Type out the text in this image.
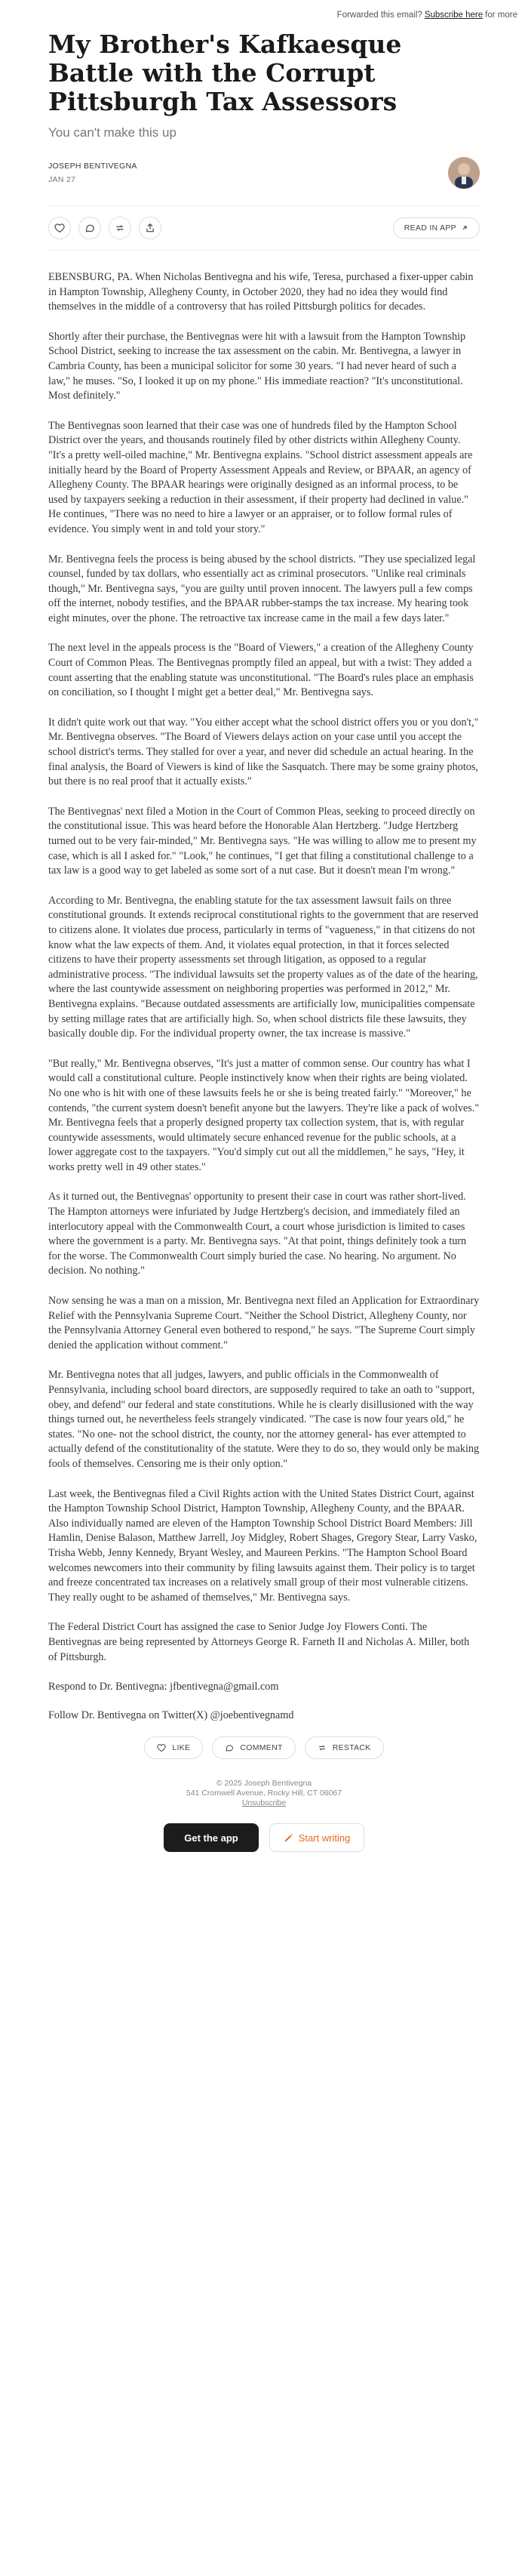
Forwarded this email? Subscribe here for more
My Brother's Kafkaesque Battle with the Corrupt Pittsburgh Tax Assessors
You can't make this up
JOSEPH BENTIVEGNA
JAN 27
READ IN APP

EBENSBURG, PA. When Nicholas Bentivegna and his wife, Teresa, purchased a fixer-upper cabin in Hampton Township, Allegheny County, in October 2020, they had no idea they would find themselves in the middle of a controversy that has roiled Pittsburgh politics for decades.

Shortly after their purchase, the Bentivegnas were hit with a lawsuit from the Hampton Township School District, seeking to increase the tax assessment on the cabin. Mr. Bentivegna, a lawyer in Cambria County, has been a municipal solicitor for some 30 years. "I had never heard of such a law," he muses. "So, I looked it up on my phone." His immediate reaction? "It's unconstitutional. Most definitely."

The Bentivegnas soon learned that their case was one of hundreds filed by the Hampton School District over the years, and thousands routinely filed by other districts within Allegheny County. "It's a pretty well-oiled machine," Mr. Bentivegna explains. "School district assessment appeals are initially heard by the Board of Property Assessment Appeals and Review, or BPAAR, an agency of Allegheny County. The BPAAR hearings were originally designed as an informal process, to be used by taxpayers seeking a reduction in their assessment, if their property had declined in value." He continues, "There was no need to hire a lawyer or an appraiser, or to follow formal rules of evidence. You simply went in and told your story."

Mr. Bentivegna feels the process is being abused by the school districts. "They use specialized legal counsel, funded by tax dollars, who essentially act as criminal prosecutors. "Unlike real criminals though," Mr. Bentivegna says, "you are guilty until proven innocent. The lawyers pull a few comps off the internet, nobody testifies, and the BPAAR rubber-stamps the tax increase. My hearing took eight minutes, over the phone. The retroactive tax increase came in the mail a few days later."

The next level in the appeals process is the "Board of Viewers," a creation of the Allegheny County Court of Common Pleas. The Bentivegnas promptly filed an appeal, but with a twist: They added a count asserting that the enabling statute was unconstitutional. "The Board's rules place an emphasis on conciliation, so I thought I might get a better deal," Mr. Bentivegna says.

It didn't quite work out that way. "You either accept what the school district offers you or you don't," Mr. Bentivegna observes. "The Board of Viewers delays action on your case until you accept the school district's terms. They stalled for over a year, and never did schedule an actual hearing. In the final analysis, the Board of Viewers is kind of like the Sasquatch. There may be some grainy photos, but there is no real proof that it actually exists."

The Bentivegnas' next filed a Motion in the Court of Common Pleas, seeking to proceed directly on the constitutional issue. This was heard before the Honorable Alan Hertzberg. "Judge Hertzberg turned out to be very fair-minded," Mr. Bentivegna says. "He was willing to allow me to present my case, which is all I asked for." "Look," he continues, "I get that filing a constitutional challenge to a tax law is a good way to get labeled as some sort of a nut case. But it doesn't mean I'm wrong."

According to Mr. Bentivegna, the enabling statute for the tax assessment lawsuit fails on three constitutional grounds. It extends reciprocal constitutional rights to the government that are reserved to citizens alone. It violates due process, particularly in terms of "vagueness," in that citizens do not know what the law expects of them. And, it violates equal protection, in that it forces selected citizens to have their property assessments set through litigation, as opposed to a regular administrative process. "The individual lawsuits set the property values as of the date of the hearing, where the last countywide assessment on neighboring properties was performed in 2012," Mr. Bentivegna explains. "Because outdated assessments are artificially low, municipalities compensate by setting millage rates that are artificially high. So, when school districts file these lawsuits, they basically double dip. For the individual property owner, the tax increase is massive."

"But really," Mr. Bentivegna observes, "It's just a matter of common sense. Our country has what I would call a constitutional culture. People instinctively know when their rights are being violated. No one who is hit with one of these lawsuits feels he or she is being treated fairly." "Moreover," he contends, "the current system doesn't benefit anyone but the lawyers. They're like a pack of wolves." Mr. Bentivegna feels that a properly designed property tax collection system, that is, with regular countywide assessments, would ultimately secure enhanced revenue for the public schools, at a lower aggregate cost to the taxpayers. "You'd simply cut out all the middlemen," he says, "Hey, it works pretty well in 49 other states."

As it turned out, the Bentivegnas' opportunity to present their case in court was rather short-lived. The Hampton attorneys were infuriated by Judge Hertzberg's decision, and immediately filed an interlocutory appeal with the Commonwealth Court, a court whose jurisdiction is limited to cases where the government is a party. Mr. Bentivegna says. "At that point, things definitely took a turn for the worse. The Commonwealth Court simply buried the case. No hearing. No argument. No decision. No nothing."

Now sensing he was a man on a mission, Mr. Bentivegna next filed an Application for Extraordinary Relief with the Pennsylvania Supreme Court. "Neither the School District, Allegheny County, nor the Pennsylvania Attorney General even bothered to respond," he says. "The Supreme Court simply denied the application without comment."

Mr. Bentivegna notes that all judges, lawyers, and public officials in the Commonwealth of Pennsylvania, including school board directors, are supposedly required to take an oath to "support, obey, and defend" our federal and state constitutions. While he is clearly disillusioned with the way things turned out, he nevertheless feels strangely vindicated. "The case is now four years old," he states. "No one- not the school district, the county, nor the attorney general- has ever attempted to actually defend of the constitutionality of the statute. Were they to do so, they would only be making fools of themselves. Censoring me is their only option."

Last week, the Bentivegnas filed a Civil Rights action with the United States District Court, against the Hampton Township School District, Hampton Township, Allegheny County, and the BPAAR. Also individually named are eleven of the Hampton Township School District Board Members: Jill Hamlin, Denise Balason, Matthew Jarrell, Joy Midgley, Robert Shages, Gregory Stear, Larry Vasko, Trisha Webb, Jenny Kennedy, Bryant Wesley, and Maureen Perkins. "The Hampton School Board welcomes newcomers into their community by filing lawsuits against them. Their policy is to target and freeze concentrated tax increases on a relatively small group of their most vulnerable citizens. They really ought to be ashamed of themselves," Mr. Bentivegna says.

The Federal District Court has assigned the case to Senior Judge Joy Flowers Conti. The Bentivegnas are being represented by Attorneys George R. Farneth II and Nicholas A. Miller, both of Pittsburgh.

Respond to Dr. Bentivegna: jfbentivegna@gmail.com

Follow Dr. Bentivegna on Twitter(X) @joebentivegnamd

LIKE	COMMENT	RESTACK
© 2025 Joseph Bentivegna
541 Cromwell Avenue, Rocky Hill, CT 06067
Unsubscribe
Get the app	Start writing
